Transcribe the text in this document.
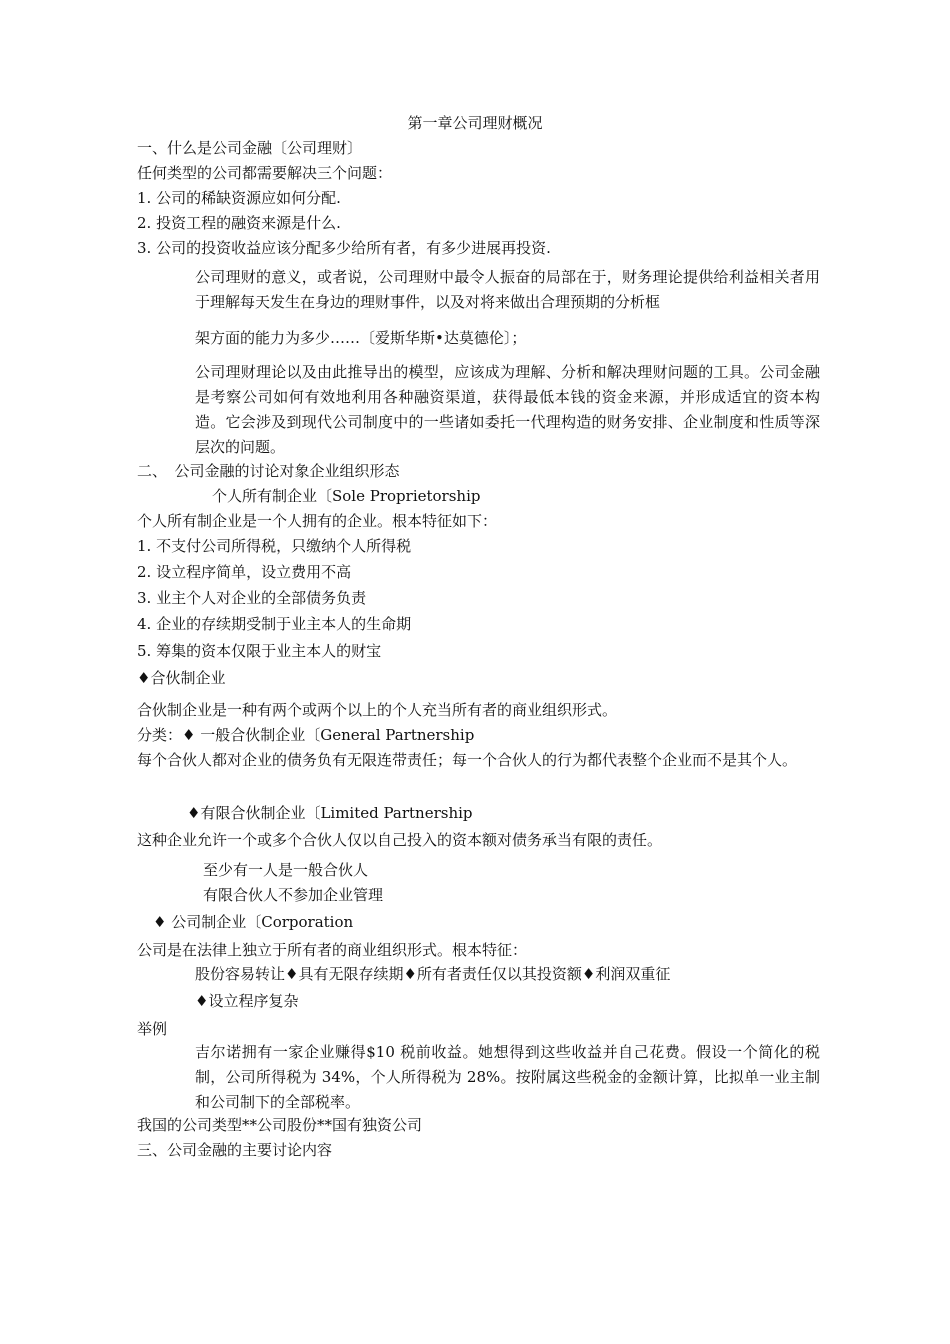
第一章公司理财概况
一、什么是公司金融〔公司理财〕
任何类型的公司都需要解决三个问题：
1. 公司的稀缺资源应如何分配.
2. 投资工程的融资来源是什么.
3. 公司的投资收益应该分配多少给所有者，有多少进展再投资.
公司理财的意义，或者说，公司理财中最令人振奋的局部在于，财务理论提供给利益相关者用于理解每天发生在身边的理财事件，以及对将来做出合理预期的分析框
架方面的能力为多少……〔爱斯华斯•达莫德伦〕；
公司理财理论以及由此推导出的模型，应该成为理解、分析和解决理财问题的工具。公司金融是考察公司如何有效地利用各种融资渠道，获得最低本钱的资金来源，并形成适宜的资本构造。它会涉及到现代公司制度中的一些诸如委托一代理构造的财务安排、企业制度和性质等深层次的问题。
二、　公司金融的讨论对象企业组织形态
个人所有制企业〔Sole Proprietorship
个人所有制企业是一个人拥有的企业。根本特征如下：
1. 不支付公司所得税，只缴纳个人所得税
2. 设立程序简单，设立费用不高
3. 业主个人对企业的全部债务负责
4. 企业的存续期受制于业主本人的生命期
5. 筹集的资本仅限于业主本人的财宝
♦合伙制企业
合伙制企业是一种有两个或两个以上的个人充当所有者的商业组织形式。
分类：♦ 一般合伙制企业〔General Partnership
每个合伙人都对企业的债务负有无限连带责任；每一个合伙人的行为都代表整个企业而不是其个人。
♦有限合伙制企业〔Limited Partnership
这种企业允许一个或多个合伙人仅以自己投入的资本额对债务承当有限的责任。
至少有一人是一般合伙人
有限合伙人不参加企业管理
♦ 公司制企业〔Corporation
公司是在法律上独立于所有者的商业组织形式。根本特征：
股份容易转让♦具有无限存续期♦所有者责任仅以其投资额♦利润双重征
♦设立程序复杂
举例
吉尔诺拥有一家企业赚得$10 税前收益。她想得到这些收益并自己花费。假设一个简化的税制，公司所得税为 34%，个人所得税为 28%。按附属这些税金的金额计算，比拟单一业主制和公司制下的全部税率。
我国的公司类型**公司股份**国有独资公司
三、公司金融的主要讨论内容
